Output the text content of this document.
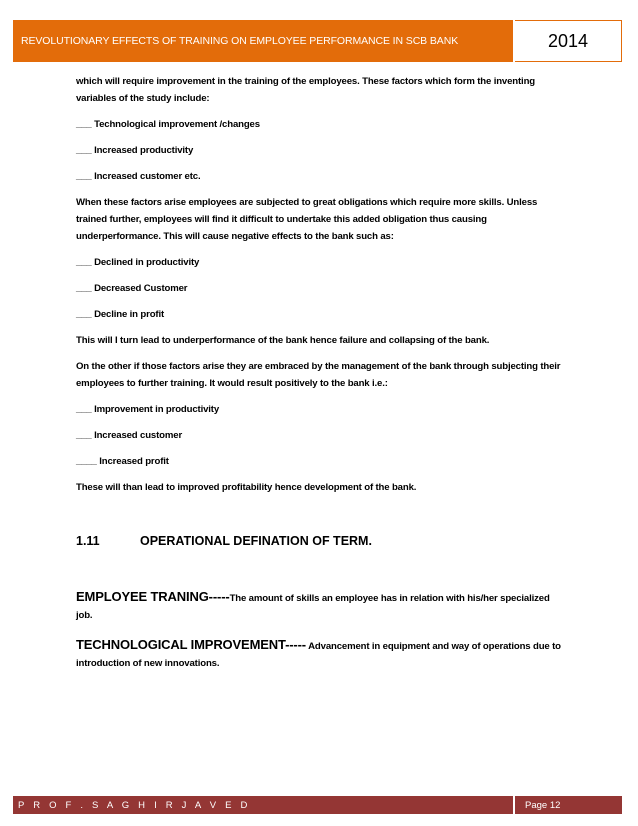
REVOLUTIONARY EFFECTS OF TRAINING ON EMPLOYEE PERFORMANCE IN SCB BANK	2014

which will require improvement in the training of the employees. These factors which form the inventing variables of the study include:

___ Technological improvement /changes

___ Increased productivity

___ Increased customer etc.

When these factors arise employees are subjected to great obligations which require more skills. Unless trained further, employees will find it difficult to undertake this added obligation thus causing underperformance. This will cause negative effects to the bank such as:

___ Declined in productivity

___ Decreased Customer

___ Decline in profit

This will I turn lead to underperformance of the bank hence failure and collapsing of the bank.

On the other if those factors arise they are embraced by the management of the bank through subjecting their employees to further training. It would result positively to the bank i.e.:

___ Improvement in productivity

___ Increased customer

____ Increased profit

These will than lead to improved profitability hence development of the bank.

1.11	OPERATIONAL DEFINATION OF TERM.

EMPLOYEE TRANING-----The amount of skills an employee has in relation with his/her specialized job.

TECHNOLOGICAL IMPROVEMENT----- Advancement in equipment and way of operations due to introduction of new innovations.

P R O F . S A G H I R J A V E D	Page 12
